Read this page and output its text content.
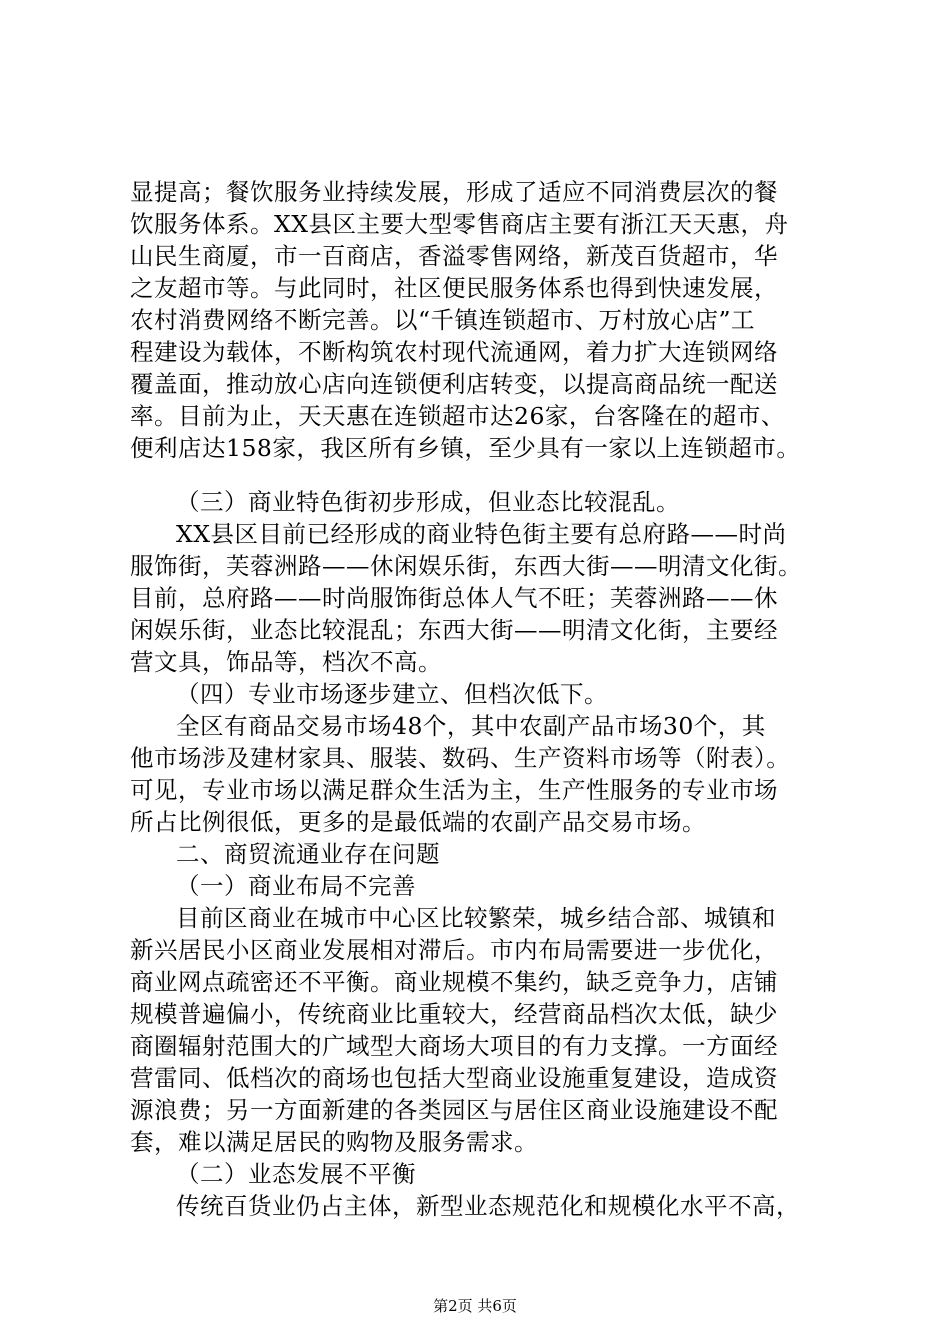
显提高；餐饮服务业持续发展，形成了适应不同消费层次的餐
饮服务体系。XX县区主要大型零售商店主要有浙江天天惠，舟
山民生商厦，市一百商店，香溢零售网络，新茂百货超市，华
之友超市等。与此同时，社区便民服务体系也得到快速发展，
农村消费网络不断完善。以“千镇连锁超市、万村放心店”工
程建设为载体，不断构筑农村现代流通网，着力扩大连锁网络
覆盖面，推动放心店向连锁便利店转变，以提高商品统一配送
率。目前为止，天天惠在连锁超市达26家，台客隆在的超市、
便利店达158家，我区所有乡镇，至少具有一家以上连锁超市。
（三）商业特色街初步形成，但业态比较混乱。
XX县区目前已经形成的商业特色街主要有总府路——时尚
服饰街，芙蓉洲路——休闲娱乐街，东西大街——明清文化街。
目前，总府路——时尚服饰街总体人气不旺；芙蓉洲路——休
闲娱乐街，业态比较混乱；东西大街——明清文化街，主要经
营文具，饰品等，档次不高。
（四）专业市场逐步建立、但档次低下。
全区有商品交易市场48个，其中农副产品市场30个，其
他市场涉及建材家具、服装、数码、生产资料市场等（附表）。
可见，专业市场以满足群众生活为主，生产性服务的专业市场
所占比例很低，更多的是最低端的农副产品交易市场。
二、商贸流通业存在问题
（一）商业布局不完善
目前区商业在城市中心区比较繁荣，城乡结合部、城镇和
新兴居民小区商业发展相对滞后。市内布局需要进一步优化，
商业网点疏密还不平衡。商业规模不集约，缺乏竞争力，店铺
规模普遍偏小，传统商业比重较大，经营商品档次太低，缺少
商圈辐射范围大的广域型大商场大项目的有力支撑。一方面经
营雷同、低档次的商场也包括大型商业设施重复建设，造成资
源浪费；另一方面新建的各类园区与居住区商业设施建设不配
套，难以满足居民的购物及服务需求。
（二）业态发展不平衡
传统百货业仍占主体，新型业态规范化和规模化水平不高，
第2页 共6页
